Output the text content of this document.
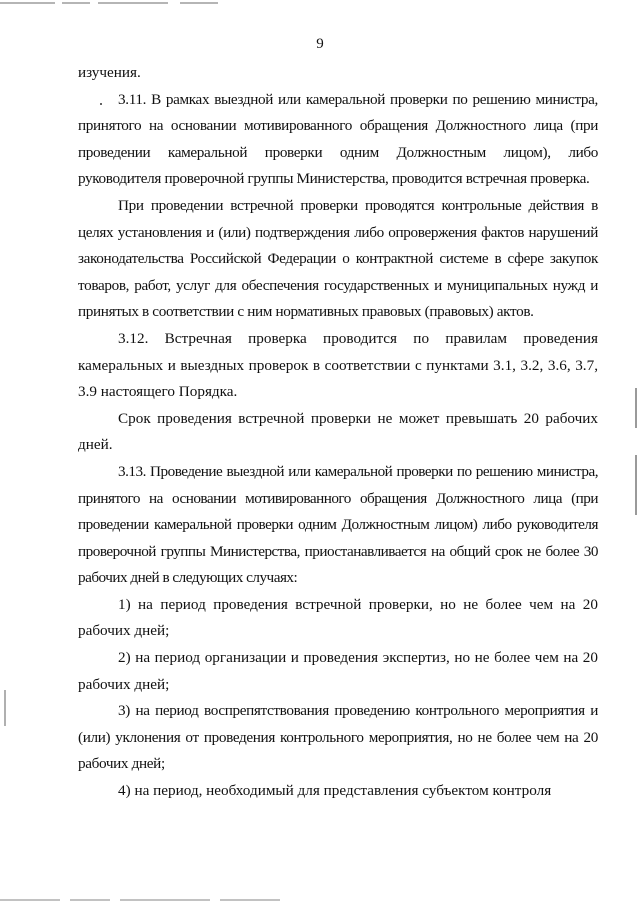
9

изучения.

3.11. В рамках выездной или камеральной проверки по решению министра, принятого на основании мотивированного обращения Должностного лица (при проведении камеральной проверки одним Должностным лицом), либо руководителя проверочной группы Министерства, проводится встречная проверка.

При проведении встречной проверки проводятся контрольные действия в целях установления и (или) подтверждения либо опровержения фактов нарушений законодательства Российской Федерации о контрактной системе в сфере закупок товаров, работ, услуг для обеспечения государственных и муниципальных нужд и принятых в соответствии с ним нормативных правовых (правовых) актов.

3.12. Встречная проверка проводится по правилам проведения камеральных и выездных проверок в соответствии с пунктами 3.1, 3.2, 3.6, 3.7, 3.9 настоящего Порядка.

Срок проведения встречной проверки не может превышать 20 рабочих дней.

3.13. Проведение выездной или камеральной проверки по решению министра, принятого на основании мотивированного обращения Должностного лица (при проведении камеральной проверки одним Должностным лицом) либо руководителя проверочной группы Министерства, приостанавливается на общий срок не более 30 рабочих дней в следующих случаях:

1) на период проведения встречной проверки, но не более чем на 20 рабочих дней;

2) на период организации и проведения экспертиз, но не более чем на 20 рабочих дней;

3) на период воспрепятствования проведению контрольного мероприятия и (или) уклонения от проведения контрольного мероприятия, но не более чем на 20 рабочих дней;

4) на период, необходимый для представления субъектом контроля
